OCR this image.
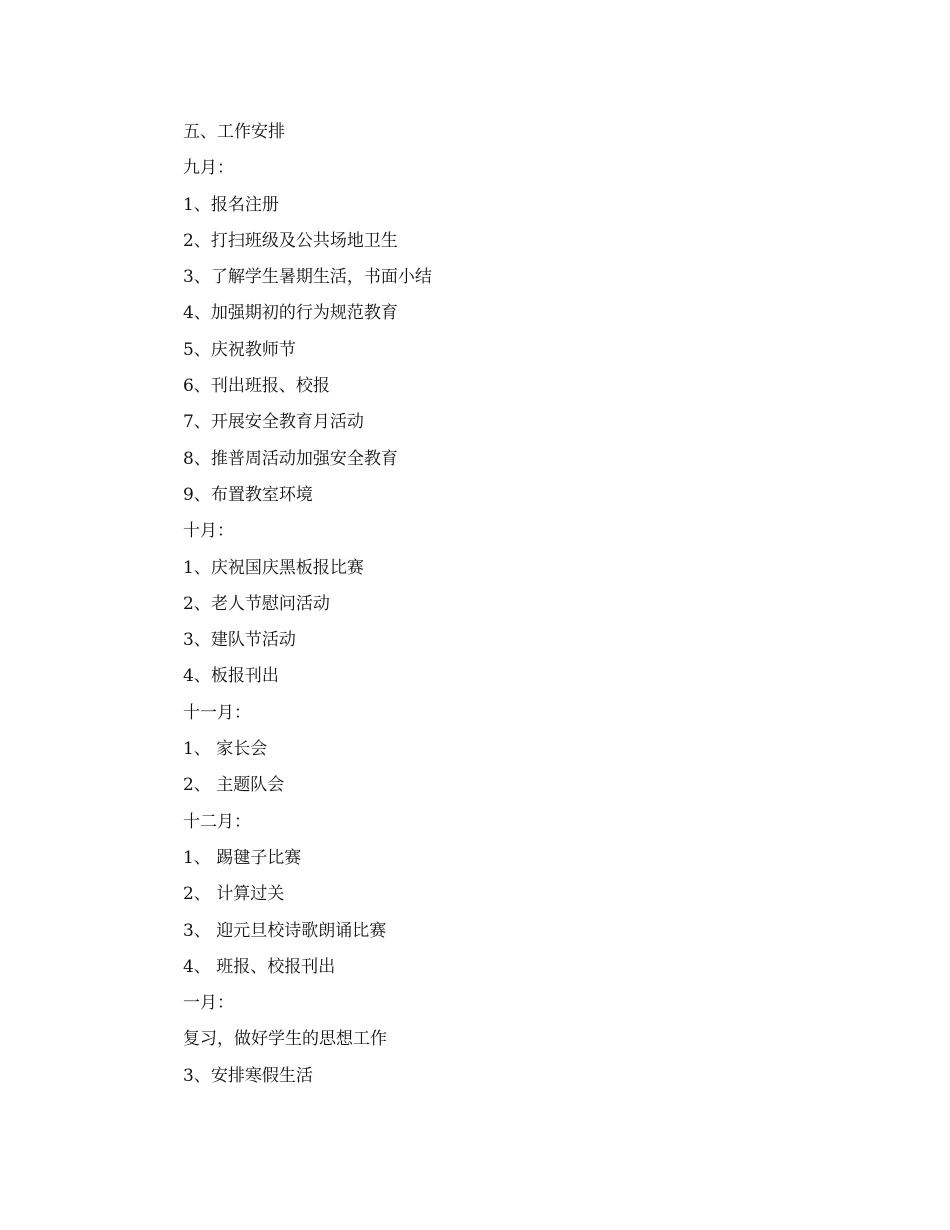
五、工作安排
九月：
1、报名注册
2、打扫班级及公共场地卫生
3、了解学生暑期生活，书面小结
4、加强期初的行为规范教育
5、庆祝教师节
6、刊出班报、校报
7、开展安全教育月活动
8、推普周活动加强安全教育
9、布置教室环境
十月：
1、庆祝国庆黑板报比赛
2、老人节慰问活动
3、建队节活动
4、板报刊出
十一月：
1、 家长会
2、 主题队会
十二月：
1、 踢毽子比赛
2、 计算过关
3、 迎元旦校诗歌朗诵比赛
4、 班报、校报刊出
一月：
复习，做好学生的思想工作
3、安排寒假生活
